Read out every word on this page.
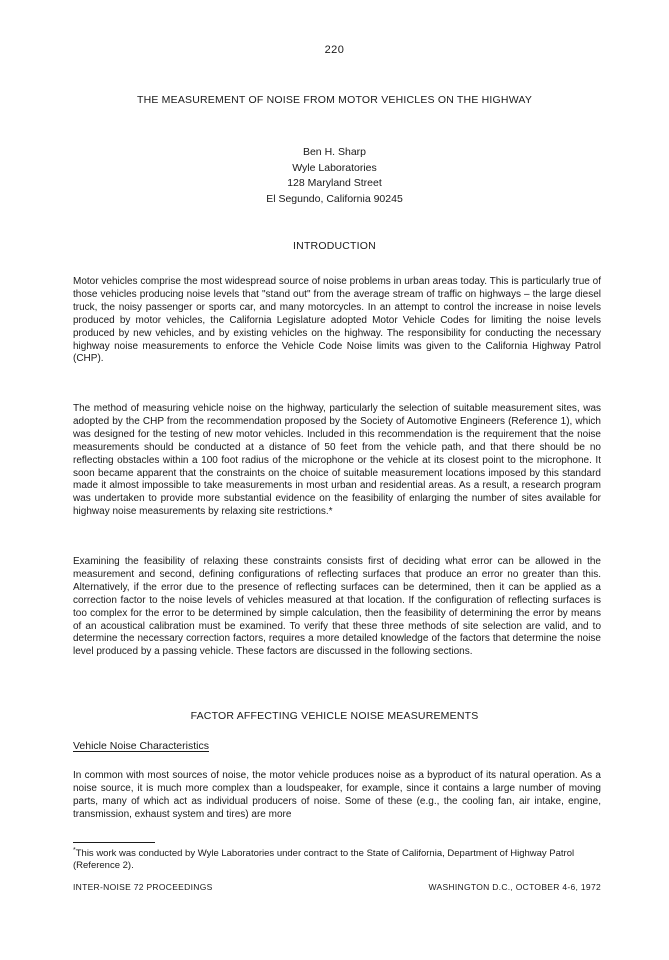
220
THE MEASUREMENT OF NOISE FROM MOTOR VEHICLES ON THE HIGHWAY
Ben H. Sharp
Wyle Laboratories
128 Maryland Street
El Segundo, California 90245
INTRODUCTION

Motor vehicles comprise the most widespread source of noise problems in urban areas today. This is particularly true of those vehicles producing noise levels that "stand out" from the average stream of traffic on highways – the large diesel truck, the noisy passenger or sports car, and many motorcycles. In an attempt to control the increase in noise levels produced by motor vehicles, the California Legislature adopted Motor Vehicle Codes for limiting the noise levels produced by new vehicles, and by existing vehicles on the highway. The responsibility for conducting the necessary highway noise measurements to enforce the Vehicle Code Noise limits was given to the California Highway Patrol (CHP).

The method of measuring vehicle noise on the highway, particularly the selection of suitable measurement sites, was adopted by the CHP from the recommendation proposed by the Society of Automotive Engineers (Reference 1), which was designed for the testing of new motor vehicles. Included in this recommendation is the requirement that the noise measurements should be conducted at a distance of 50 feet from the vehicle path, and that there should be no reflecting obstacles within a 100 foot radius of the microphone or the vehicle at its closest point to the microphone. It soon became apparent that the constraints on the choice of suitable measurement locations imposed by this standard made it almost impossible to take measurements in most urban and residential areas. As a result, a research program was undertaken to provide more substantial evidence on the feasibility of enlarging the number of sites available for highway noise measurements by relaxing site restrictions.*

Examining the feasibility of relaxing these constraints consists first of deciding what error can be allowed in the measurement and second, defining configurations of reflecting surfaces that produce an error no greater than this. Alternatively, if the error due to the presence of reflecting surfaces can be determined, then it can be applied as a correction factor to the noise levels of vehicles measured at that location. If the configuration of reflecting surfaces is too complex for the error to be determined by simple calculation, then the feasibility of determining the error by means of an acoustical calibration must be examined. To verify that these three methods of site selection are valid, and to determine the necessary correction factors, requires a more detailed knowledge of the factors that determine the noise level produced by a passing vehicle. These factors are discussed in the following sections.

FACTOR AFFECTING VEHICLE NOISE MEASUREMENTS
Vehicle Noise Characteristics

In common with most sources of noise, the motor vehicle produces noise as a byproduct of its natural operation. As a noise source, it is much more complex than a loudspeaker, for example, since it contains a large number of moving parts, many of which act as individual producers of noise. Some of these (e.g., the cooling fan, air intake, engine, transmission, exhaust system and tires) are more

*This work was conducted by Wyle Laboratories under contract to the State of California, Department of Highway Patrol (Reference 2).
INTER-NOISE 72 PROCEEDINGS	WASHINGTON D.C., OCTOBER 4-6, 1972
